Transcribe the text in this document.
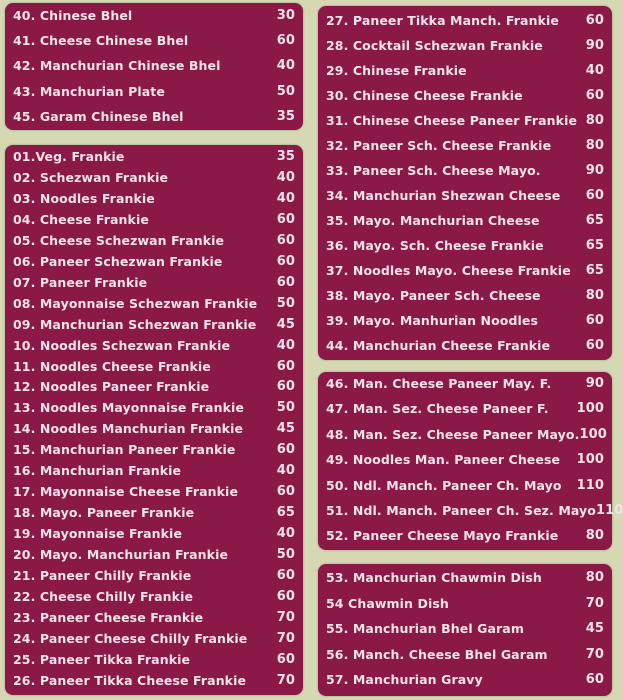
40. Chinese Bhel	30
41. Cheese Chinese Bhel	60
42. Manchurian Chinese Bhel	40
43. Manchurian Plate	50
45. Garam Chinese Bhel	35
01.Veg. Frankie	35
02. Schezwan Frankie	40
03. Noodles Frankie	40
04. Cheese Frankie	60
05. Cheese Schezwan Frankie	60
06. Paneer Schezwan Frankie	60
07. Paneer Frankie	60
08. Mayonnaise Schezwan Frankie 50
09. Manchurian Schezwan Frankie 45
10. Noodles Schezwan Frankie	40
11. Noodles Cheese Frankie	60
12. Noodles Paneer Frankie	60
13. Noodles Mayonnaise Frankie	50
14. Noodles Manchurian Frankie	45
15. Manchurian Paneer Frankie	60
16. Manchurian Frankie	40
17. Mayonnaise Cheese Frankie	60
18. Mayo. Paneer Frankie	65
19. Mayonnaise Frankie	40
20. Mayo. Manchurian Frankie	50
21. Paneer Chilly Frankie	60
22. Cheese Chilly Frankie	60
23. Paneer Cheese Frankie	70
24. Paneer Cheese Chilly Frankie 70
25. Paneer Tikka Frankie	60
26. Paneer Tikka Cheese Frankie 70
27. Paneer Tikka Manch. Frankie 60
28. Cocktail Schezwan Frankie	90
29. Chinese Frankie	40
30. Chinese Cheese Frankie	60
31. Chinese Cheese Paneer Frankie 80
32. Paneer Sch. Cheese Frankie	80
33. Paneer Sch. Cheese Mayo.	90
34. Manchurian Shezwan Cheese 60
35. Mayo. Manchurian Cheese	65
36. Mayo. Sch. Cheese Frankie	65
37. Noodles Mayo. Cheese Frankie 65
38. Mayo. Paneer Sch. Cheese	80
39. Mayo. Manhurian Noodles	60
44. Manchurian Cheese Frankie	60
46. Man. Cheese Paneer May. F.	90
47. Man. Sez. Cheese Paneer F. 100
48. Man. Sez. Cheese Paneer Mayo. 100
49. Noodles Man. Paneer Cheese 100
50. Ndl. Manch. Paneer Ch. Mayo 110
51. Ndl. Manch. Paneer Ch. Sez. Mayo 110
52. Paneer Cheese Mayo Frankie 80
53. Manchurian Chawmin Dish	80
54 Chawmin Dish	70
55. Manchurian Bhel Garam	45
56. Manch. Cheese Bhel Garam	70
57. Manchurian Gravy	60
